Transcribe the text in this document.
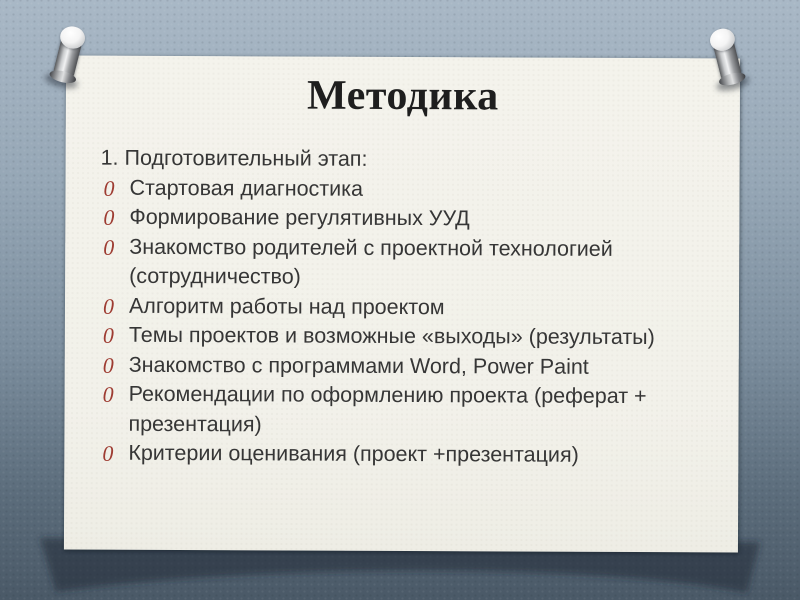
Методика

1. Подготовительный этап:

0 Стартовая диагностика
0 Формирование регулятивных УУД
0 Знакомство родителей с проектной технологией
(сотрудничество)
0 Алгоритм работы над проектом
0 Темы проектов и возможные «выходы» (результаты)
0 Знакомство с программами Word, Power Paint
0 Рекомендации по оформлению проекта (реферат +
презентация)
0 Критерии оценивания (проект +презентация)
